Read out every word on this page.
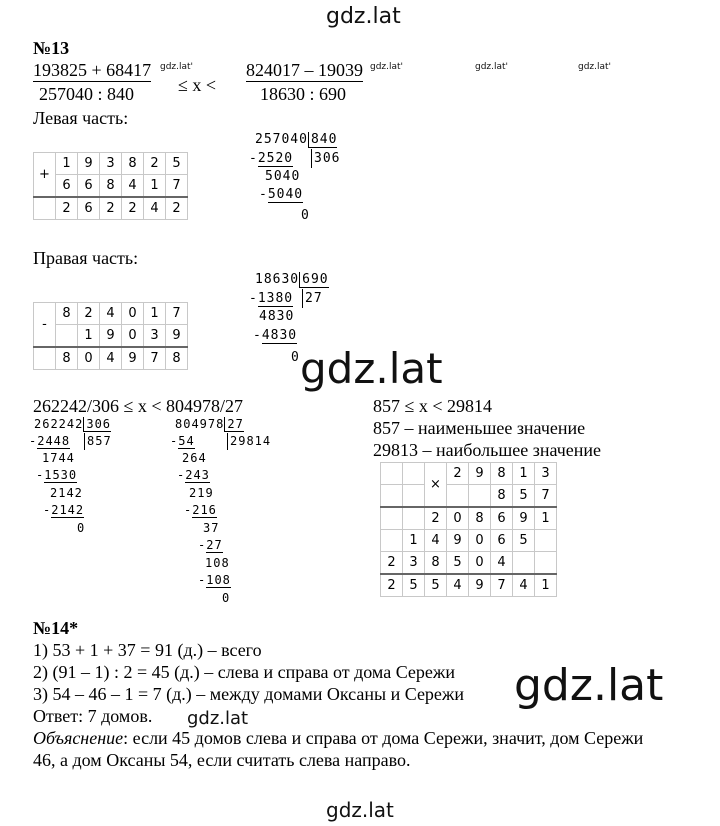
gdz.lat
gdz.lat'	gdz.lat'	gdz.lat'	gdz.lat'
gdz.lat
gdz.lat
gdz.lat
gdz.lat
№13
193825 + 68417
257040 : 840 ≤ x <
824017 – 19039
18630 : 690
Левая часть:
+	1	9	3	8	2	5
	6	6	8	4	1	7
	2	6	2	2	4	2
257040 840
-2520 306
5040
-5040
0
Правая часть:
-	8	2	4	0	1	7
		1	9	0	3	9
	8	0	4	9	7	8
18630 690
-1380 27
4830
-4830
0
262242/306 ≤ x < 804978/27
262242 306
-2448 857
1744
-1530
2142
-2142
0
804978 27
-54	29814
264
-243
219
-216
37
-27
108
-108
0
857 ≤ x < 29814
857 – наименьшее значение
29813 – наибольшее значение
		×	2	9	8	1	3
					8	5	7
		2	0	8	6	9	1
	1	4	9	0	6	5	
2	3	8	5	0	4		
2	5	5	4	9	7	4	1
№14*
1) 53 + 1 + 37 = 91 (д.) – всего
2) (91 – 1) : 2 = 45 (д.) – слева и справа от дома Сережи
3) 54 – 46 – 1 = 7 (д.) – между домами Оксаны и Сережи
Ответ: 7 домов.
Объяснение: если 45 домов слева и справа от дома Сережи, значит, дом Сережи
46, а дом Оксаны 54, если считать слева направо.
